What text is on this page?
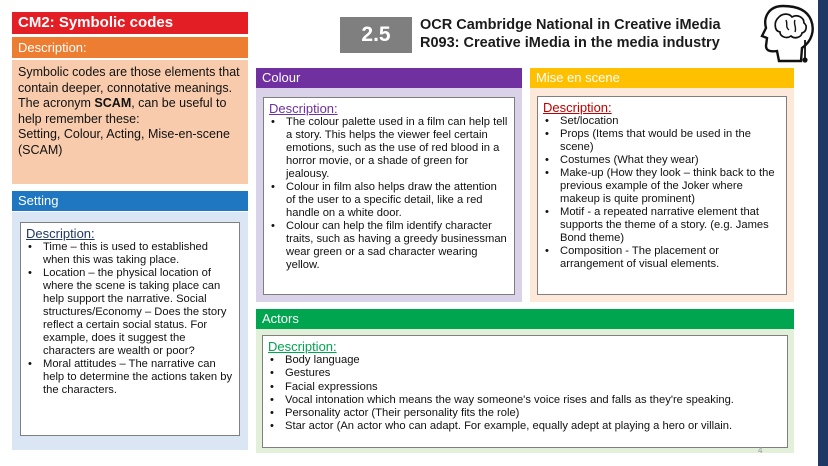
CM2: Symbolic codes
Description:

Symbolic codes are those elements that contain deeper, connotative meanings.

The acronym SCAM, can be useful to help remember these:

Setting, Colour, Acting, Mise-en-scene (SCAM)

Setting
Description:
• Time – this is used to established when this was taking place.
• Location – the physical location of where the scene is taking place can help support the narrative. Social structures/Economy – Does the story reflect a certain social status. For example, does it suggest the characters are wealth or poor?
• Moral attitudes – The narrative can help to determine the actions taken by the characters.
2.5	OCR Cambridge National in Creative iMedia
R093: Creative iMedia in the media industry
Colour
Description:
• The colour palette used in a film can help tell a story. This helps the viewer feel certain emotions, such as the use of red blood in a horror movie, or a shade of green for jealousy.
• Colour in film also helps draw the attention of the user to a specific detail, like a red handle on a white door.
• Colour can help the film identify character traits, such as having a greedy businessman wear green or a sad character wearing yellow.
Mise en scene
Description:
• Set/location
• Props (Items that would be used in the scene)
• Costumes (What they wear)
• Make-up (How they look – think back to the previous example of the Joker where makeup is quite prominent)
• Motif - a repeated narrative element that supports the theme of a story. (e.g. James Bond theme)
• Composition - The placement or arrangement of visual elements.
Actors
Description:
• Body language
• Gestures
• Facial expressions
• Vocal intonation which means the way someone's voice rises and falls as they're speaking.
• Personality actor (Their personality fits the role)
• Star actor (An actor who can adapt. For example, equally adept at playing a hero or villain.
4
